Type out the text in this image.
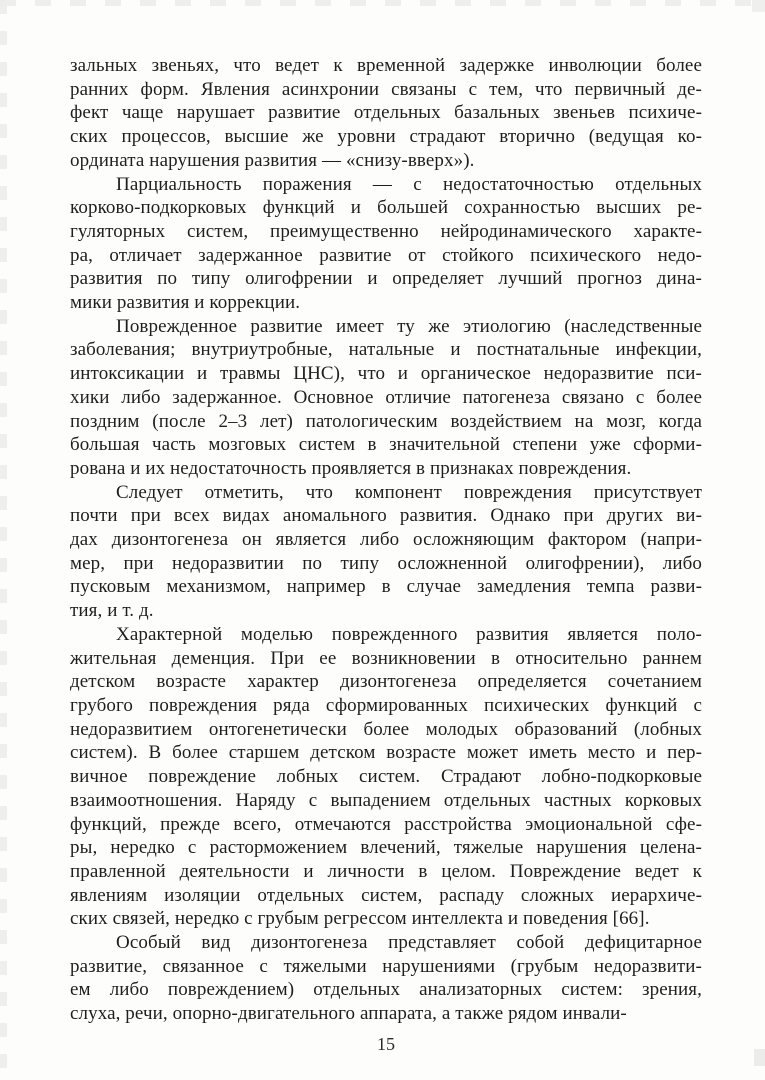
зальных звеньях, что ведет к временной задержке инволюции более
ранних форм. Явления асинхронии связаны с тем, что первичный де-
фект чаще нарушает развитие отдельных базальных звеньев психиче-
ских процессов, высшие же уровни страдают вторично (ведущая ко-
ордината нарушения развития — «снизу-вверх»).
Парциальность поражения — с недостаточностью отдельных
корково-подкорковых функций и большей сохранностью высших ре-
гуляторных систем, преимущественно нейродинамического характе-
ра, отличает задержанное развитие от стойкого психического недо-
развития по типу олигофрении и определяет лучший прогноз дина-
мики развития и коррекции.
Поврежденное развитие имеет ту же этиологию (наследственные
заболевания; внутриутробные, натальные и постнатальные инфекции,
интоксикации и травмы ЦНС), что и органическое недоразвитие пси-
хики либо задержанное. Основное отличие патогенеза связано с более
поздним (после 2–3 лет) патологическим воздействием на мозг, когда
большая часть мозговых систем в значительной степени уже сформи-
рована и их недостаточность проявляется в признаках повреждения.
Следует отметить, что компонент повреждения присутствует
почти при всех видах аномального развития. Однако при других ви-
дах дизонтогенеза он является либо осложняющим фактором (напри-
мер, при недоразвитии по типу осложненной олигофрении), либо
пусковым механизмом, например в случае замедления темпа разви-
тия, и т. д.
Характерной моделью поврежденного развития является поло-
жительная деменция. При ее возникновении в относительно раннем
детском возрасте характер дизонтогенеза определяется сочетанием
грубого повреждения ряда сформированных психических функций с
недоразвитием онтогенетически более молодых образований (лобных
систем). В более старшем детском возрасте может иметь место и пер-
вичное повреждение лобных систем. Страдают лобно-подкорковые
взаимоотношения. Наряду с выпадением отдельных частных корковых
функций, прежде всего, отмечаются расстройства эмоциональной сфе-
ры, нередко с расторможением влечений, тяжелые нарушения целена-
правленной деятельности и личности в целом. Повреждение ведет к
явлениям изоляции отдельных систем, распаду сложных иерархиче-
ских связей, нередко с грубым регрессом интеллекта и поведения [66].
Особый вид дизонтогенеза представляет собой дефицитарное
развитие, связанное с тяжелыми нарушениями (грубым недоразвити-
ем либо повреждением) отдельных анализаторных систем: зрения,
слуха, речи, опорно-двигательного аппарата, а также рядом инвали-
15
